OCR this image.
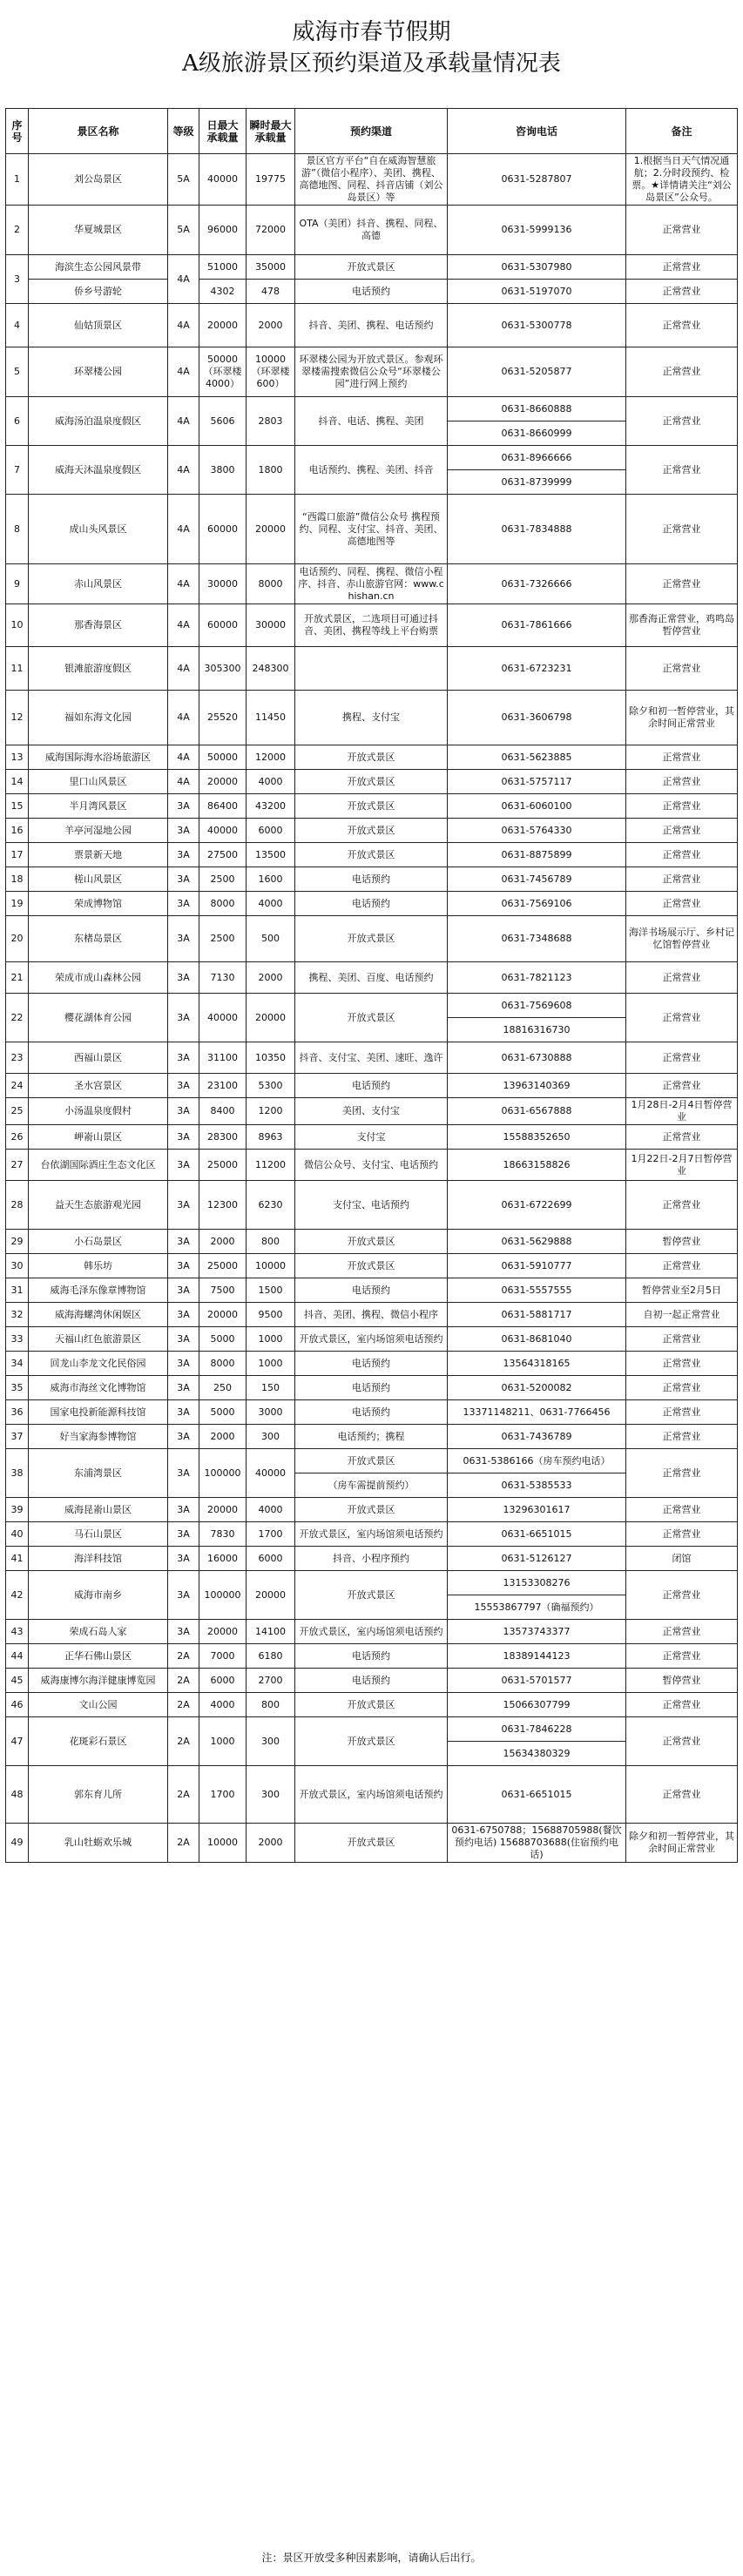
威海市春节假期
A级旅游景区预约渠道及承载量情况表
序号	景区名称	等级	日最大承载量	瞬时最大承载量	预约渠道	咨询电话	备注
1	刘公岛景区	5A	40000	19775	景区官方平台“自在威海智慧旅游”（微信小程序）、美团、携程、高德地图、同程、抖音店铺（刘公岛景区）等	0631-5287807	1.根据当日天气情况通航；2.分时段预约、检票。★详情请关注“刘公岛景区”公众号。
2	华夏城景区	5A	96000	72000	OTA（美团）抖音、携程、同程、高德	0631-5999136	正常营业
3	海滨生态公园风景带	4A	51000	35000	开放式景区	0631-5307980	正常营业
	侨乡号游轮		4302	478	电话预约	0631-5197070	正常营业
4	仙姑顶景区	4A	20000	2000	抖音、美团、携程、电话预约	0631-5300778	正常营业
5	环翠楼公园	4A	50000（环翠楼4000）	10000（环翠楼600）	环翠楼公园为开放式景区。参观环翠楼需搜索微信公众号“环翠楼公园”进行网上预约	0631-5205877	正常营业
6	威海汤泊温泉度假区	4A	5606	2803	抖音、电话、携程、美团	0631-8660888	正常营业
						0631-8660999	
7	威海天沐温泉度假区	4A	3800	1800	电话预约、携程、美团、抖音	0631-8966666	正常营业
						0631-8739999	
8	成山头风景区	4A	60000	20000	“西霞口旅游”微信公众号 携程预约、同程、支付宝、抖音、美团、高德地图等	0631-7834888	正常营业
9	赤山风景区	4A	30000	8000	电话预约、同程、携程、微信小程序、抖音、赤山旅游官网：www.chishan.cn	0631-7326666	正常营业
10	那香海景区	4A	60000	30000	开放式景区，二选项目可通过抖音、美团、携程等线上平台购票	0631-7861666	那香海正常营业，鸡鸣岛暂停营业
11	银滩旅游度假区	4A	305300	248300		0631-6723231	正常营业
12	福如东海文化园	4A	25520	11450	携程、支付宝	0631-3606798	除夕和初一暂停营业，其余时间正常营业
13	威海国际海水浴场旅游区	4A	50000	12000	开放式景区	0631-5623885	正常营业
14	里口山风景区	4A	20000	4000	开放式景区	0631-5757117	正常营业
15	半月湾风景区	3A	86400	43200	开放式景区	0631-6060100	正常营业
16	羊亭河湿地公园	3A	40000	6000	开放式景区	0631-5764330	正常营业
17	票景新天地	3A	27500	13500	开放式景区	0631-8875899	正常营业
18	槎山风景区	3A	2500	1600	电话预约	0631-7456789	正常营业
19	荣成博物馆	3A	8000	4000	电话预约	0631-7569106	正常营业
20	东楮岛景区	3A	2500	500	开放式景区	0631-7348688	海洋书场展示厅、乡村记忆馆暂停营业
21	荣成市成山森林公园	3A	7130	2000	携程、美团、百度、电话预约	0631-7821123	正常营业
22	樱花湖体育公园	3A	40000	20000	开放式景区	0631-7569608	正常营业
						18816316730	
23	西福山景区	3A	31100	10350	抖音、支付宝、美团、速旺、逸许	0631-6730888	正常营业
24	圣水宫景区	3A	23100	5300	电话预约	13963140369	正常营业
25	小汤温泉度假村	3A	8400	1200	美团、支付宝	0631-6567888	1月28日-2月4日暂停营业
26	岬嵛山景区	3A	28300	8963	支付宝	15588352650	正常营业
27	台依湖国际酒庄生态文化区	3A	25000	11200	微信公众号、支付宝、电话预约	18663158826	1月22日-2月7日暂停营业
28	益天生态旅游观光园	3A	12300	6230	支付宝、电话预约	0631-6722699	正常营业
29	小石岛景区	3A	2000	800	开放式景区	0631-5629888	暂停营业
30	韩乐坊	3A	25000	10000	开放式景区	0631-5910777	正常营业
31	威海毛泽东像章博物馆	3A	7500	1500	电话预约	0631-5557555	暂停营业至2月5日
32	威海海螺湾休闲娱区	3A	20000	9500	抖音、美团、携程、微信小程序	0631-5881717	自初一起正常营业
33	天福山红色旅游景区	3A	5000	1000	开放式景区，室内场馆须电话预约	0631-8681040	正常营业
34	回龙山李龙文化民俗园	3A	8000	1000	电话预约	13564318165	正常营业
35	威海市海丝文化博物馆	3A	250	150	电话预约	0631-5200082	正常营业
36	国家电投新能源科技馆	3A	5000	3000	电话预约	13371148211、0631-7766456	正常营业
37	好当家海参博物馆	3A	2000	300	电话预约；携程	0631-7436789	正常营业
38	东浦湾景区	3A	100000	40000	开放式景区	0631-5386166（房车预约电话）	正常营业
					（房车需提前预约）	0631-5385533	
39	威海昆嵛山景区	3A	20000	4000	开放式景区	13296301617	正常营业
40	马石山景区	3A	7830	1700	开放式景区，室内场馆须电话预约	0631-6651015	正常营业
41	海洋科技馆	3A	16000	6000	抖音、小程序预约	0631-5126127	闭馆
42	威海市南乡	3A	100000	20000	开放式景区	13153308276	正常营业
						15553867797（确福预约）	
43	荣成石岛人家	3A	20000	14100	开放式景区，室内场馆须电话预约	13573743377	正常营业
44	正华石佛山景区	2A	7000	6180	电话预约	18389144123	正常营业
45	威海康博尔海洋健康博览园	2A	6000	2700	电话预约	0631-5701577	暂停营业
46	文山公园	2A	4000	800	开放式景区	15066307799	正常营业
47	花斑彩石景区	2A	1000	300	开放式景区	0631-7846228	正常营业
						15634380329	
48	郭东育儿所	2A	1700	300	开放式景区，室内场馆须电话预约	0631-6651015	正常营业
49	乳山牡蛎欢乐城	2A	10000	2000	开放式景区	0631-6750788；15688705988(餐饮预约电话) 15688703688(住宿预约电话)	除夕和初一暂停营业，其余时间正常营业
注：景区开放受多种因素影响，请确认后出行。
